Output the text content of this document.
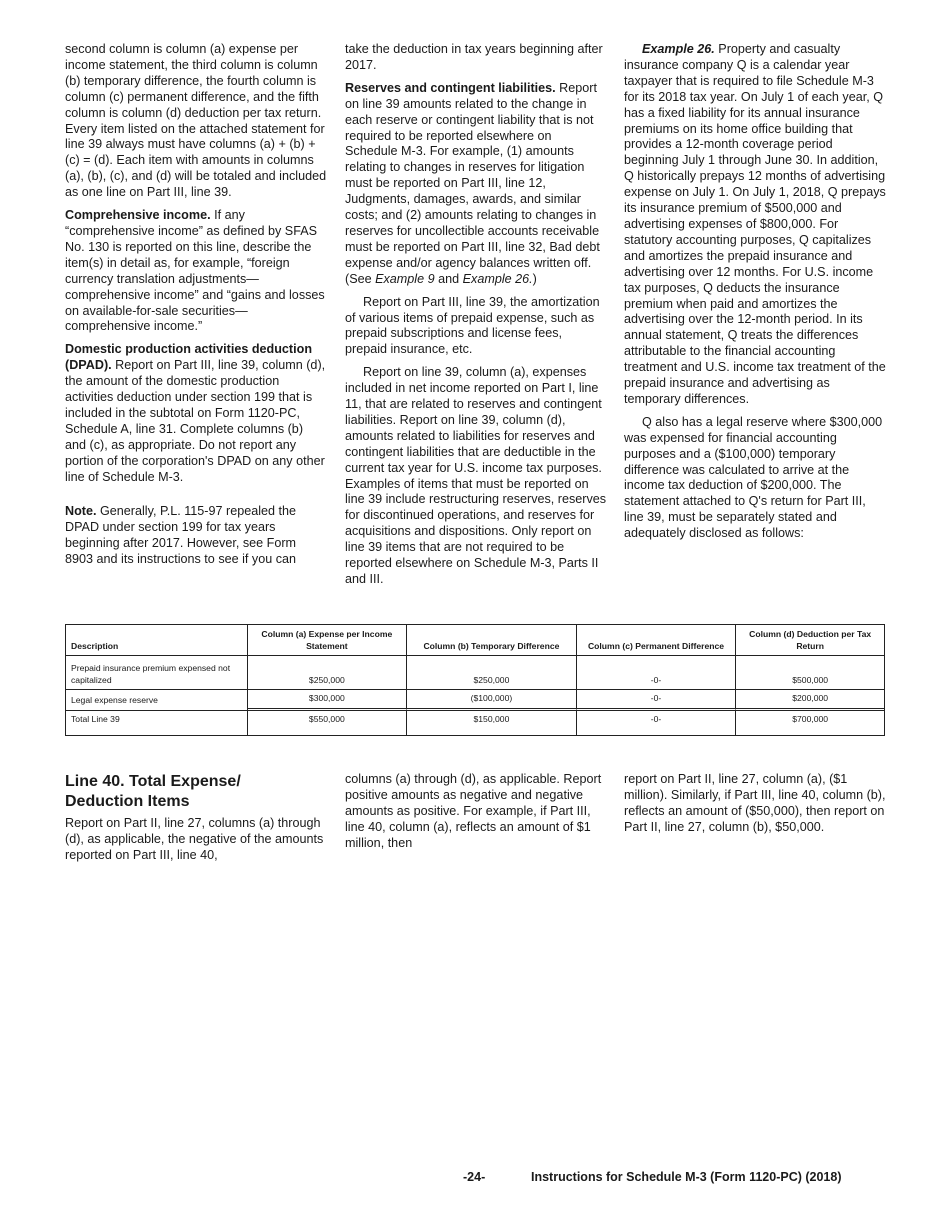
second column is column (a) expense per income statement, the third column is column (b) temporary difference, the fourth column is column (c) permanent difference, and the fifth column is column (d) deduction per tax return. Every item listed on the attached statement for line 39 always must have columns (a) + (b) + (c) = (d). Each item with amounts in columns (a), (b), (c), and (d) will be totaled and included as one line on Part III, line 39.

Comprehensive income. If any “comprehensive income” as defined by SFAS No. 130 is reported on this line, describe the item(s) in detail as, for example, “foreign currency translation adjustments—comprehensive income” and “gains and losses on available-for-sale securities—comprehensive income.”

Domestic production activities deduction (DPAD). Report on Part III, line 39, column (d), the amount of the domestic production activities deduction under section 199 that is included in the subtotal on Form 1120-PC, Schedule A, line 31. Complete columns (b) and (c), as appropriate. Do not report any portion of the corporation's DPAD on any other line of Schedule M-3.

Note. Generally, P.L. 115-97 repealed the DPAD under section 199 for tax years beginning after 2017. However, see Form 8903 and its instructions to see if you can

take the deduction in tax years beginning after 2017.

Reserves and contingent liabilities. Report on line 39 amounts related to the change in each reserve or contingent liability that is not required to be reported elsewhere on Schedule M-3. For example, (1) amounts relating to changes in reserves for litigation must be reported on Part III, line 12, Judgments, damages, awards, and similar costs; and (2) amounts relating to changes in reserves for uncollectible accounts receivable must be reported on Part III, line 32, Bad debt expense and/or agency balances written off. (See Example 9 and Example 26.)

Report on Part III, line 39, the amortization of various items of prepaid expense, such as prepaid subscriptions and license fees, prepaid insurance, etc.

Report on line 39, column (a), expenses included in net income reported on Part I, line 11, that are related to reserves and contingent liabilities. Report on line 39, column (d), amounts related to liabilities for reserves and contingent liabilities that are deductible in the current tax year for U.S. income tax purposes. Examples of items that must be reported on line 39 include restructuring reserves, reserves for discontinued operations, and reserves for acquisitions and dispositions. Only report on line 39 items that are not required to be reported elsewhere on Schedule M-3, Parts II and III.

Example 26. Property and casualty insurance company Q is a calendar year taxpayer that is required to file Schedule M-3 for its 2018 tax year. On July 1 of each year, Q has a fixed liability for its annual insurance premiums on its home office building that provides a 12-month coverage period beginning July 1 through June 30. In addition, Q historically prepays 12 months of advertising expense on July 1. On July 1, 2018, Q prepays its insurance premium of $500,000 and advertising expenses of $800,000. For statutory accounting purposes, Q capitalizes and amortizes the prepaid insurance and advertising over 12 months. For U.S. income tax purposes, Q deducts the insurance premium when paid and amortizes the advertising over the 12-month period. In its annual statement, Q treats the differences attributable to the financial accounting treatment and U.S. income tax treatment of the prepaid insurance and advertising as temporary differences.

Q also has a legal reserve where $300,000 was expensed for financial accounting purposes and a ($100,000) temporary difference was calculated to arrive at the income tax deduction of $200,000. The statement attached to Q's return for Part III, line 39, must be separately stated and adequately disclosed as follows:

Description	Column (a) Expense per Income Statement	Column (b) Temporary Difference	Column (c) Permanent Difference	Column (d) Deduction per Tax Return
Prepaid insurance premium expensed not capitalized	$250,000	$250,000	-0-	$500,000
Legal expense reserve	$300,000	($100,000)	-0-	$200,000
Total Line 39	$550,000	$150,000	-0-	$700,000
Line 40. Total Expense/
Deduction Items

Report on Part II, line 27, columns (a) through (d), as applicable, the negative of the amounts reported on Part III, line 40,

columns (a) through (d), as applicable. Report positive amounts as negative and negative amounts as positive. For example, if Part III, line 40, column (a), reflects an amount of $1 million, then

report on Part II, line 27, column (a), ($1 million). Similarly, if Part III, line 40, column (b), reflects an amount of ($50,000), then report on Part II, line 27, column (b), $50,000.

-24-	Instructions for Schedule M-3 (Form 1120-PC) (2018)
